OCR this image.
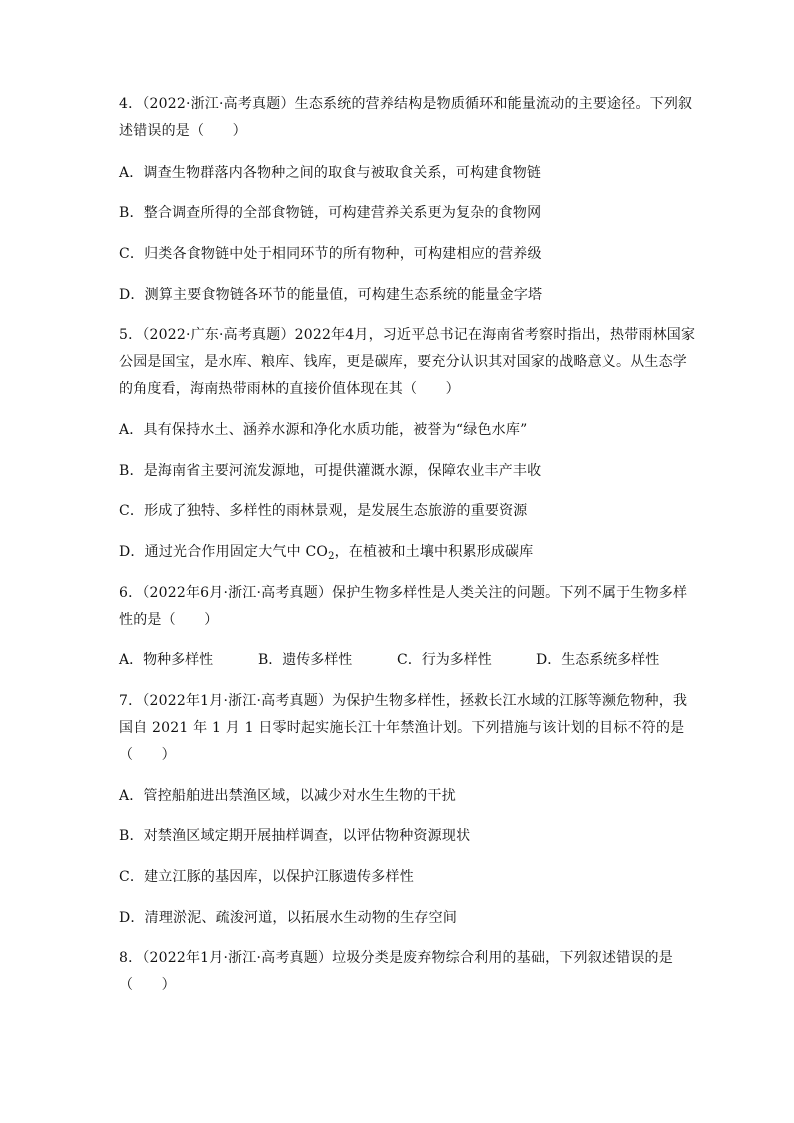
4．（2022·浙江·高考真题）生态系统的营养结构是物质循环和能量流动的主要途径。下列叙
述错误的是（　　）
A．调查生物群落内各物种之间的取食与被取食关系，可构建食物链
B．整合调查所得的全部食物链，可构建营养关系更为复杂的食物网
C．归类各食物链中处于相同环节的所有物种，可构建相应的营养级
D．测算主要食物链各环节的能量值，可构建生态系统的能量金字塔
5．（2022·广东·高考真题）2022年4月，习近平总书记在海南省考察时指出，热带雨林国家
公园是国宝，是水库、粮库、钱库，更是碳库，要充分认识其对国家的战略意义。从生态学
的角度看，海南热带雨林的直接价值体现在其（　　）
A．具有保持水土、涵养水源和净化水质功能，被誉为“绿色水库”
B．是海南省主要河流发源地，可提供灌溉水源，保障农业丰产丰收
C．形成了独特、多样性的雨林景观，是发展生态旅游的重要资源
D．通过光合作用固定大气中 $CO_2$，在植被和土壤中积累形成碳库
6．（2022年6月·浙江·高考真题）保护生物多样性是人类关注的问题。下列不属于生物多样
性的是（　　）
A．物种多样性	B．遗传多样性	C．行为多样性	D．生态系统多样性
7．（2022年1月·浙江·高考真题）为保护生物多样性，拯救长江水域的江豚等濒危物种，我
国自 2021 年 1 月 1 日零时起实施长江十年禁渔计划。下列措施与该计划的目标不符的是
（　　）
A．管控船舶进出禁渔区域，以减少对水生生物的干扰
B．对禁渔区域定期开展抽样调查，以评估物种资源现状
C．建立江豚的基因库，以保护江豚遗传多样性
D．清理淤泥、疏浚河道，以拓展水生动物的生存空间
8．（2022年1月·浙江·高考真题）垃圾分类是废弃物综合利用的基础，下列叙述错误的是
（　　）
